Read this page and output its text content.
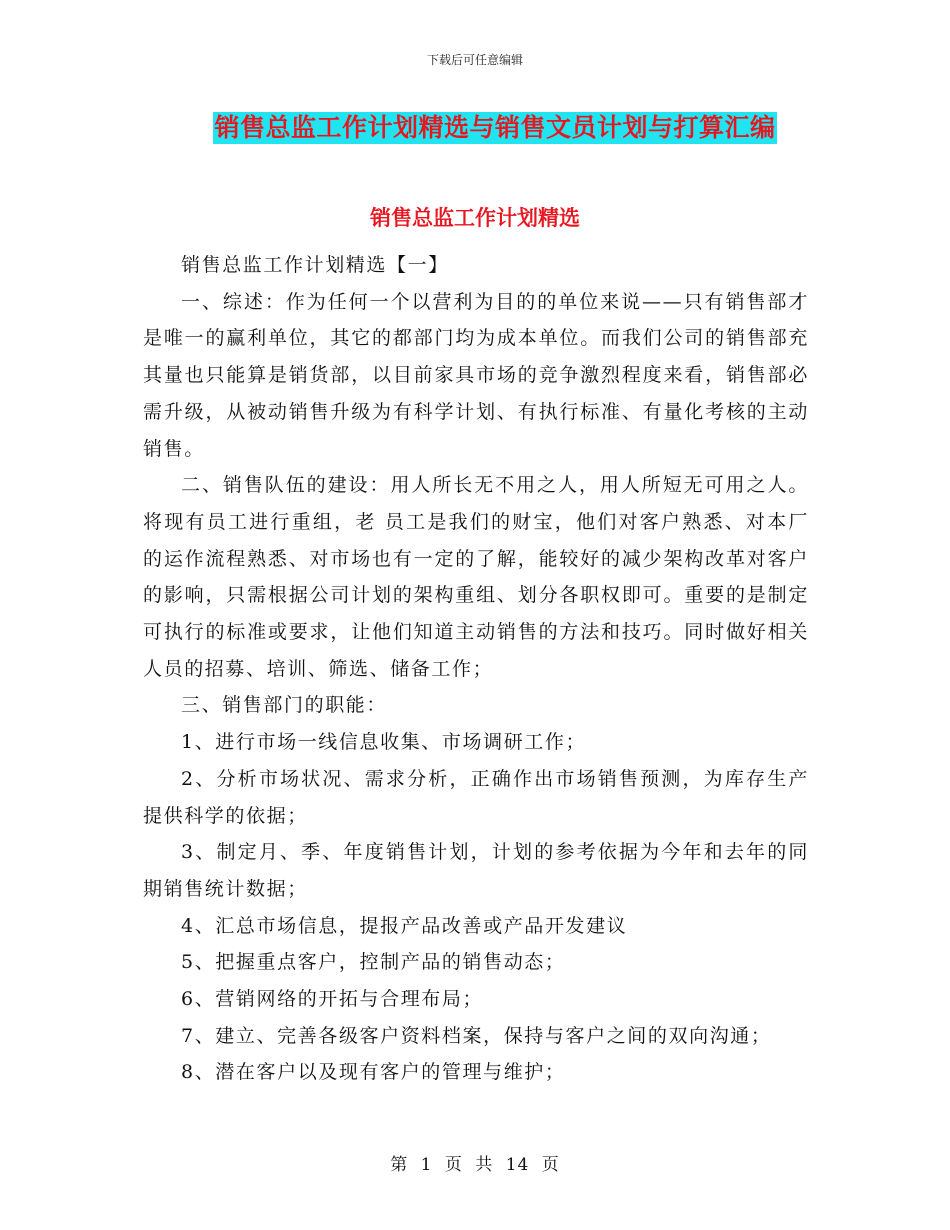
下载后可任意编辑
销售总监工作计划精选与销售文员计划与打算汇编
销售总监工作计划精选

销售总监工作计划精选【一】

一、综述：作为任何一个以营利为目的的单位来说——只有销售部才是唯一的赢利单位，其它的都部门均为成本单位。而我们公司的销售部充其量也只能算是销货部，以目前家具市场的竞争激烈程度来看，销售部必需升级，从被动销售升级为有科学计划、有执行标准、有量化考核的主动销售。

二、销售队伍的建设：用人所长无不用之人，用人所短无可用之人。将现有员工进行重组，老 员工是我们的财宝，他们对客户熟悉、对本厂的运作流程熟悉、对市场也有一定的了解，能较好的减少架构改革对客户的影响，只需根据公司计划的架构重组、划分各职权即可。重要的是制定可执行的标准或要求，让他们知道主动销售的方法和技巧。同时做好相关人员的招募、培训、筛选、储备工作；

三、销售部门的职能：

1、进行市场一线信息收集、市场调研工作；

2、分析市场状况、需求分析，正确作出市场销售预测，为库存生产提供科学的依据；

3、制定月、季、年度销售计划，计划的参考依据为今年和去年的同期销售统计数据；

4、汇总市场信息，提报产品改善或产品开发建议

5、把握重点客户，控制产品的销售动态；

6、营销网络的开拓与合理布局；

7、建立、完善各级客户资料档案，保持与客户之间的双向沟通；

8、潜在客户以及现有客户的管理与维护；

第 1 页 共 14 页
